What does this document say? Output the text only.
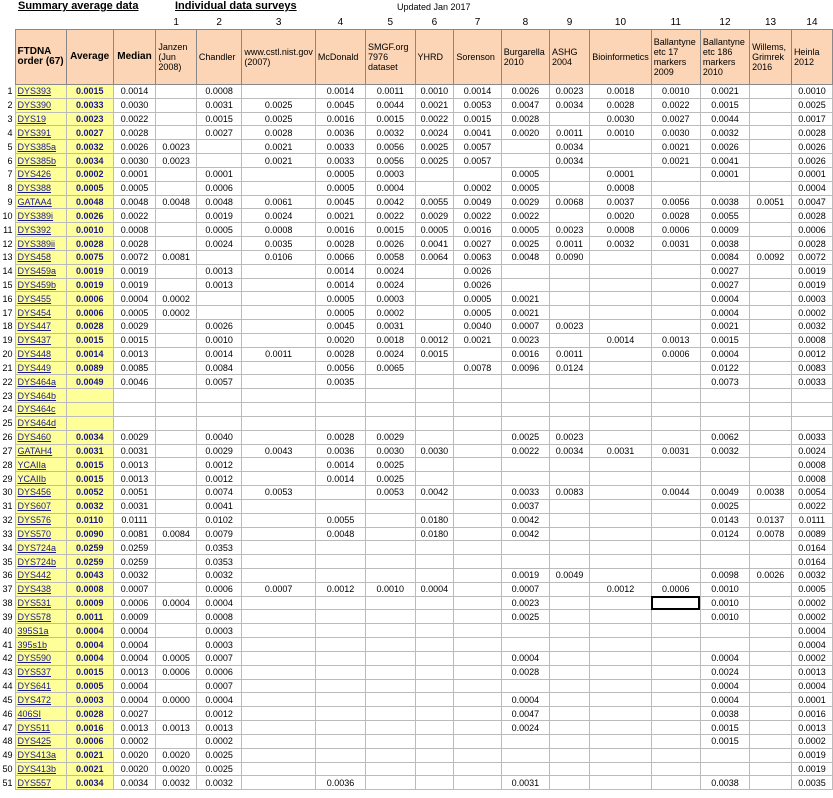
Summary average data	Individual data surveys	Updated Jan 2017
				1	2	3	4	5	6	7	8	9	10	11	12	13	14
	FTDNA order (67)	Average	Median	Janzen (Jun 2008)	Chandler	www.cstl.nist.gov (2007)	McDonald	SMGF.org 7976 dataset	YHRD	Sorenson	Burgarella 2010	ASHG 2004	Bioinformetics	Ballantyne etc 17 markers 2009	Ballantyne etc 186 markers 2010	Willems, Grimrek 2016	Heinla 2012
1	DYS393	0.0015	0.0014		0.0008		0.0014	0.0011	0.0010	0.0014	0.0026	0.0023	0.0018	0.0010	0.0021		0.0010
2	DYS390	0.0033	0.0030		0.0031	0.0025	0.0045	0.0044	0.0021	0.0053	0.0047	0.0034	0.0028	0.0022	0.0015		0.0025
3	DYS19	0.0023	0.0022		0.0015	0.0025	0.0016	0.0015	0.0022	0.0015	0.0028		0.0030	0.0027	0.0044		0.0017
4	DYS391	0.0027	0.0028		0.0027	0.0028	0.0036	0.0032	0.0024	0.0041	0.0020	0.0011	0.0010	0.0030	0.0032		0.0028
5	DYS385a	0.0032	0.0026	0.0023		0.0021	0.0033	0.0056	0.0025	0.0057		0.0034		0.0021	0.0026		0.0026
6	DYS385b	0.0034	0.0030	0.0023		0.0021	0.0033	0.0056	0.0025	0.0057		0.0034		0.0021	0.0041		0.0026
7	DYS426	0.0002	0.0001		0.0001		0.0005	0.0003			0.0005		0.0001		0.0001		0.0001
8	DYS388	0.0005	0.0005		0.0006		0.0005	0.0004		0.0002	0.0005		0.0008				0.0004
9	GATAA4	0.0048	0.0048	0.0048	0.0048	0.0061	0.0045	0.0042	0.0055	0.0049	0.0029	0.0068	0.0037	0.0056	0.0038	0.0051	0.0047
10	DYS389i	0.0026	0.0022		0.0019	0.0024	0.0021	0.0022	0.0029	0.0022	0.0022		0.0020	0.0028	0.0055		0.0028
11	DYS392	0.0010	0.0008		0.0005	0.0008	0.0016	0.0015	0.0005	0.0016	0.0005	0.0023	0.0008	0.0006	0.0009		0.0006
12	DYS389ii	0.0028	0.0028		0.0024	0.0035	0.0028	0.0026	0.0041	0.0027	0.0025	0.0011	0.0032	0.0031	0.0038		0.0028
13	DYS458	0.0075	0.0072	0.0081		0.0106	0.0066	0.0058	0.0064	0.0063	0.0048	0.0090			0.0084	0.0092	0.0072
14	DYS459a	0.0019	0.0019		0.0013		0.0014	0.0024		0.0026					0.0027		0.0019
15	DYS459b	0.0019	0.0019		0.0013		0.0014	0.0024		0.0026					0.0027		0.0019
16	DYS455	0.0006	0.0004	0.0002			0.0005	0.0003		0.0005	0.0021				0.0004		0.0003
17	DYS454	0.0006	0.0005	0.0002			0.0005	0.0002		0.0005	0.0021				0.0004		0.0002
18	DYS447	0.0028	0.0029		0.0026		0.0045	0.0031		0.0040	0.0007	0.0023			0.0021		0.0032
19	DYS437	0.0015	0.0015		0.0010		0.0020	0.0018	0.0012	0.0021	0.0023		0.0014	0.0013	0.0015		0.0008
20	DYS448	0.0014	0.0013		0.0014	0.0011	0.0028	0.0024	0.0015		0.0016	0.0011		0.0006	0.0004		0.0012
21	DYS449	0.0089	0.0085		0.0084		0.0056	0.0065		0.0078	0.0096	0.0124			0.0122		0.0083
22	DYS464a	0.0049	0.0046		0.0057		0.0035								0.0073		0.0033
23	DYS464b																
24	DYS464c																
25	DYS464d																
26	DYS460	0.0034	0.0029		0.0040		0.0028	0.0029			0.0025	0.0023			0.0062		0.0033
27	GATAH4	0.0031	0.0031		0.0029	0.0043	0.0036	0.0030	0.0030		0.0022	0.0034	0.0031	0.0031	0.0032		0.0024
28	YCAIIa	0.0015	0.0013		0.0012		0.0014	0.0025									0.0008
29	YCAIIb	0.0015	0.0013		0.0012		0.0014	0.0025									0.0008
30	DYS456	0.0052	0.0051		0.0074	0.0053		0.0053	0.0042		0.0033	0.0083		0.0044	0.0049	0.0038	0.0054
31	DYS607	0.0032	0.0031		0.0041						0.0037				0.0025		0.0022
32	DYS576	0.0110	0.0111		0.0102		0.0055		0.0180		0.0042				0.0143	0.0137	0.0111
33	DYS570	0.0090	0.0081	0.0084	0.0079		0.0048		0.0180		0.0042				0.0124	0.0078	0.0089
34	DYS724a	0.0259	0.0259		0.0353												0.0164
35	DYS724b	0.0259	0.0259		0.0353												0.0164
36	DYS442	0.0043	0.0032		0.0032						0.0019	0.0049			0.0098	0.0026	0.0032
37	DYS438	0.0008	0.0007		0.0006	0.0007	0.0012	0.0010	0.0004		0.0007		0.0012	0.0006	0.0010		0.0005
38	DYS531	0.0009	0.0006	0.0004	0.0004						0.0023				0.0010		0.0002
39	DYS578	0.0011	0.0009		0.0008						0.0025				0.0010		0.0002
40	395S1a	0.0004	0.0004		0.0003												0.0004
41	395s1b	0.0004	0.0004		0.0003												0.0004
42	DYS590	0.0004	0.0004	0.0005	0.0007						0.0004				0.0004		0.0002
43	DYS537	0.0015	0.0013	0.0006	0.0006						0.0028				0.0024		0.0013
44	DYS641	0.0005	0.0004		0.0007										0.0004		0.0004
45	DYS472	0.0003	0.0004	0.0000	0.0004						0.0004				0.0004		0.0001
46	406SI	0.0028	0.0027		0.0012						0.0047				0.0038		0.0016
47	DYS511	0.0016	0.0013	0.0013	0.0013						0.0024				0.0015		0.0013
48	DYS425	0.0006	0.0002		0.0002										0.0015		0.0002
49	DYS413a	0.0021	0.0020	0.0020	0.0025												0.0019
50	DYS413b	0.0021	0.0020	0.0020	0.0025												0.0019
51	DYS557	0.0034	0.0034	0.0032	0.0032		0.0036				0.0031				0.0038		0.0035
